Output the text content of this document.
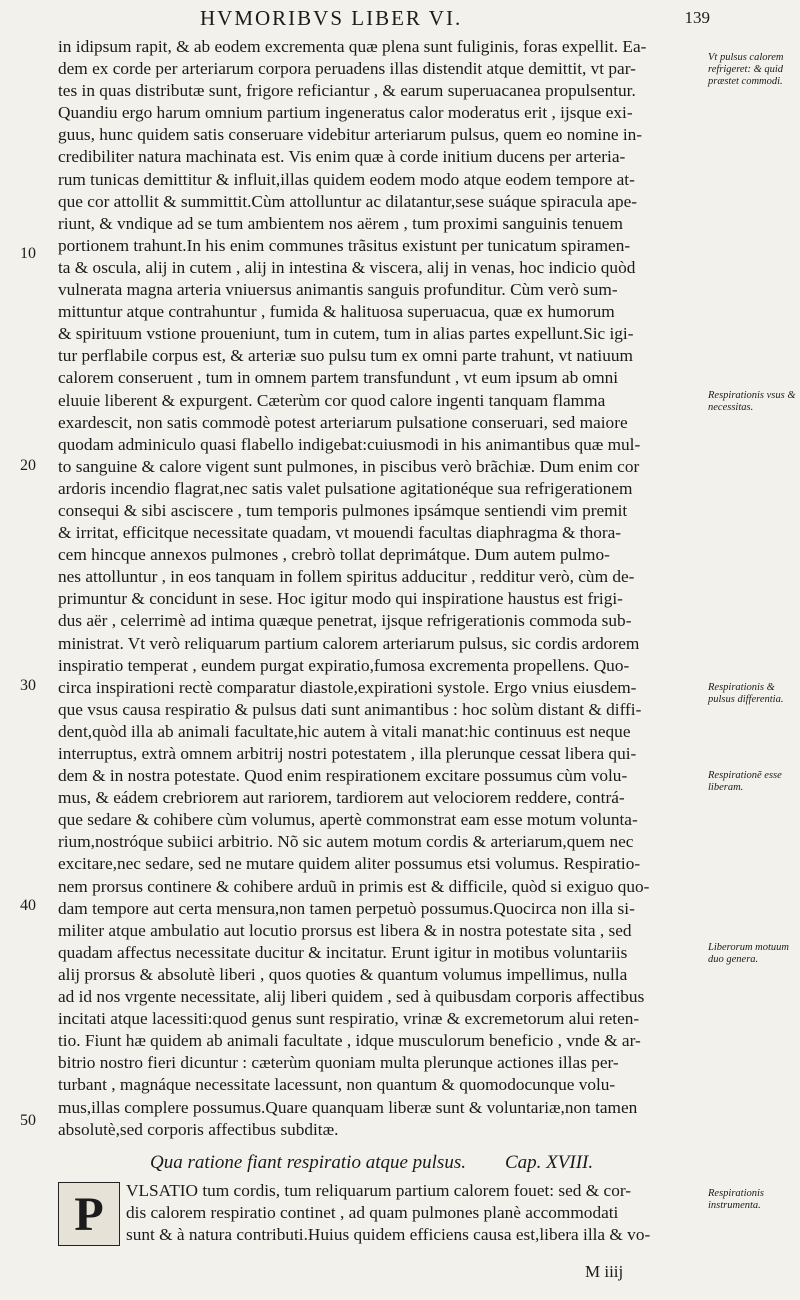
HVMORIBVS LIBER VI.	139
in idipsum rapit, & ab eodem excrementa quæ plena sunt fuliginis, foras expellit. Ea-
dem ex corde per arteriarum corpora peruadens illas distendit atque demittit, vt par-
tes in quas distributæ sunt, frigore reficiantur , & earum superuacanea propulsentur.
Quandiu ergo harum omnium partium ingeneratus calor moderatus erit , ijsque exi-
guus, hunc quidem satis conseruare videbitur arteriarum pulsus, quem eo nomine in-
credibiliter natura machinata est. Vis enim quæ à corde initium ducens per arteria-
rum tunicas demittitur & influit,illas quidem eodem modo atque eodem tempore at-
que cor attollit & summittit.Cùm attolluntur ac dilatantur,sese suáque spiracula ape-
riunt, & vndique ad se tum ambientem nos aërem , tum proximi sanguinis tenuem
portionem trahunt.In his enim communes trãsitus existunt per tunicatum spiramen-
ta & oscula, alij in cutem , alij in intestina & viscera, alij in venas, hoc indicio quòd
vulnerata magna arteria vniuersus animantis sanguis profunditur. Cùm verò sum-
mittuntur atque contrahuntur , fumida & halituosa superuacua, quæ ex humorum
& spirituum vstione proueniunt, tum in cutem, tum in alias partes expellunt.Sic igi-
tur perflabile corpus est, & arteriæ suo pulsu tum ex omni parte trahunt, vt natiuum
calorem conseruent , tum in omnem partem transfundunt , vt eum ipsum ab omni
eluuie liberent & expurgent. Cæterùm cor quod calore ingenti tanquam flamma
exardescit, non satis commodè potest arteriarum pulsatione conseruari, sed maiore
quodam adminiculo quasi flabello indigebat:cuiusmodi in his animantibus quæ mul-
to sanguine & calore vigent sunt pulmones, in piscibus verò brãchiæ. Dum enim cor
ardoris incendio flagrat,nec satis valet pulsatione agitationéque sua refrigerationem
consequi & sibi asciscere , tum temporis pulmones ipsámque sentiendi vim premit
& irritat, efficitque necessitate quadam, vt mouendi facultas diaphragma & thora-
cem hincque annexos pulmones , crebrò tollat deprimátque. Dum autem pulmo-
nes attolluntur , in eos tanquam in follem spiritus adducitur , redditur verò, cùm de-
primuntur & concidunt in sese. Hoc igitur modo qui inspiratione haustus est frigi-
dus aër , celerrimè ad intima quæque penetrat, ijsque refrigerationis commoda sub-
ministrat. Vt verò reliquarum partium calorem arteriarum pulsus, sic cordis ardorem
inspiratio temperat , eundem purgat expiratio,fumosa excrementa propellens. Quo-
circa inspirationi rectè comparatur diastole,expirationi systole. Ergo vnius eiusdem-
que vsus causa respiratio & pulsus dati sunt animantibus : hoc solùm distant & diffi-
dent,quòd illa ab animali facultate,hic autem à vitali manat:hic continuus est neque
interruptus, extrà omnem arbitrij nostri potestatem , illa plerunque cessat libera qui-
dem & in nostra potestate. Quod enim respirationem excitare possumus cùm volu-
mus, & eádem crebriorem aut rariorem, tardiorem aut velociorem reddere, contrá-
que sedare & cohibere cùm volumus, apertè commonstrat eam esse motum volunta-
rium,nostróque subiici arbitrio. Nõ sic autem motum cordis & arteriarum,quem nec
excitare,nec sedare, sed ne mutare quidem aliter possumus etsi volumus. Respiratio-
nem prorsus continere & cohibere arduũ in primis est & difficile, quòd si exiguo quo-
dam tempore aut certa mensura,non tamen perpetuò possumus.Quocirca non illa si-
militer atque ambulatio aut locutio prorsus est libera & in nostra potestate sita , sed
quadam affectus necessitate ducitur & incitatur. Erunt igitur in motibus voluntariis
alij prorsus & absolutè liberi , quos quoties & quantum volumus impellimus, nulla
ad id nos vrgente necessitate, alij liberi quidem , sed à quibusdam corporis affectibus
incitati atque lacessiti:quod genus sunt respiratio, vrinæ & excremetorum alui reten-
tio. Fiunt hæ quidem ab animali facultate , idque musculorum beneficio , vnde & ar-
bitrio nostro fieri dicuntur : cæterùm quoniam multa plerunque actiones illas per-
turbant , magnáque necessitate lacessunt, non quantum & quomodocunque volu-
mus,illas complere possumus.Quare quanquam liberæ sunt & voluntariæ,non tamen
absolutè,sed corporis affectibus subditæ.
10
20
30
40
50
Vt pulsus calorem refrigeret: & quid præstet commodi.
Respirationis vsus & necessitas.
Respirationis & pulsus differentia.
Respirationẽ esse liberam.
Liberorum motuum duo genera.
Respirationis instrumenta.
Qua ratione fiant respiratio atque pulsus. Cap. XVIII.
P	VLSATIO tum cordis, tum reliquarum partium calorem fouet: sed & cor-
dis calorem respiratio continet , ad quam pulmones planè accommodati
sunt & à natura contributi.Huius quidem efficiens causa est,libera illa & vo-
M iiij
